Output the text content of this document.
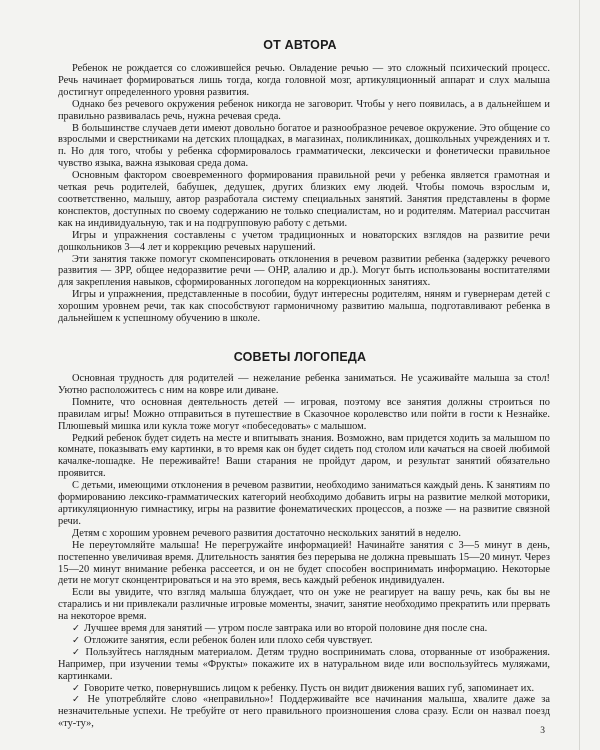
ОТ АВТОРА

Ребенок не рождается со сложившейся речью. Овладение речью — это сложный психический процесс. Речь начинает формироваться лишь тогда, когда головной мозг, артикуляционный аппарат и слух малыша достигнут определенного уровня развития.

Однако без речевого окружения ребенок никогда не заговорит. Чтобы у него появилась, а в дальнейшем и правильно развивалась речь, нужна речевая среда.

В большинстве случаев дети имеют довольно богатое и разнообразное речевое окружение. Это общение со взрослыми и сверстниками на детских площадках, в магазинах, поликлиниках, дошкольных учреждениях и т. п. Но для того, чтобы у ребенка сформировалось грамматически, лексически и фонетически правильное чувство языка, важна языковая среда дома.

Основным фактором своевременного формирования правильной речи у ребенка является грамотная и четкая речь родителей, бабушек, дедушек, других близких ему людей. Чтобы помочь взрослым и, соответственно, малышу, автор разработала систему специальных занятий. Занятия представлены в форме конспектов, доступных по своему содержанию не только специалистам, но и родителям. Материал рассчитан как на индивидуальную, так и на подгрупповую работу с детьми.

Игры и упражнения составлены с учетом традиционных и новаторских взглядов на развитие речи дошкольников 3—4 лет и коррекцию речевых нарушений.

Эти занятия также помогут скомпенсировать отклонения в речевом развитии ребенка (задержку речевого развития — ЗРР, общее недоразвитие речи — ОНР, алалию и др.). Могут быть использованы воспитателями для закрепления навыков, сформированных логопедом на коррекционных занятиях.

Игры и упражнения, представленные в пособии, будут интересны родителям, няням и гувернерам детей с хорошим уровнем речи, так как способствуют гармоничному развитию малыша, подготавливают ребенка в дальнейшем к успешному обучению в школе.

СОВЕТЫ ЛОГОПЕДА

Основная трудность для родителей — нежелание ребенка заниматься. Не усаживайте малыша за стол! Уютно расположитесь с ним на ковре или диване.

Помните, что основная деятельность детей — игровая, поэтому все занятия должны строиться по правилам игры! Можно отправиться в путешествие в Сказочное королевство или пойти в гости к Незнайке. Плюшевый мишка или кукла тоже могут «побеседовать» с малышом.

Редкий ребенок будет сидеть на месте и впитывать знания. Возможно, вам придется ходить за малышом по комнате, показывать ему картинки, в то время как он будет сидеть под столом или качаться на своей любимой качалке-лошадке. Не переживайте! Ваши старания не пройдут даром, и результат занятий обязательно проявится.

С детьми, имеющими отклонения в речевом развитии, необходимо заниматься каждый день. К занятиям по формированию лексико-грамматических категорий необходимо добавить игры на развитие мелкой моторики, артикуляционную гимнастику, игры на развитие фонематических процессов, а позже — на развитие связной речи.

Детям с хорошим уровнем речевого развития достаточно нескольких занятий в неделю.

Не переутомляйте малыша! Не перегружайте информацией! Начинайте занятия с 3—5 минут в день, постепенно увеличивая время. Длительность занятия без перерыва не должна превышать 15—20 минут. Через 15—20 минут внимание ребенка рассеется, и он не будет способен воспринимать информацию. Некоторые дети не могут сконцентрироваться и на это время, весь каждый ребенок индивидуален.

Если вы увидите, что взгляд малыша блуждает, что он уже не реагирует на вашу речь, как бы вы не старались и ни привлекали различные игровые моменты, значит, занятие необходимо прекратить или прервать на некоторое время.

✓ Лучшее время для занятий — утром после завтрака или во второй половине дня после сна.
✓ Отложите занятия, если ребенок болен или плохо себя чувствует.
✓ Пользуйтесь наглядным материалом. Детям трудно воспринимать слова, оторванные от изображения. Например, при изучении темы «Фрукты» покажите их в натуральном виде или воспользуйтесь муляжами, картинками.
✓ Говорите четко, повернувшись лицом к ребенку. Пусть он видит движения ваших губ, запоминает их.
✓ Не употребляйте слово «неправильно»! Поддерживайте все начинания малыша, хвалите даже за незначительные успехи. Не требуйте от него правильного произношения слова сразу. Если он назвал поезд «ту-ту»,
3
